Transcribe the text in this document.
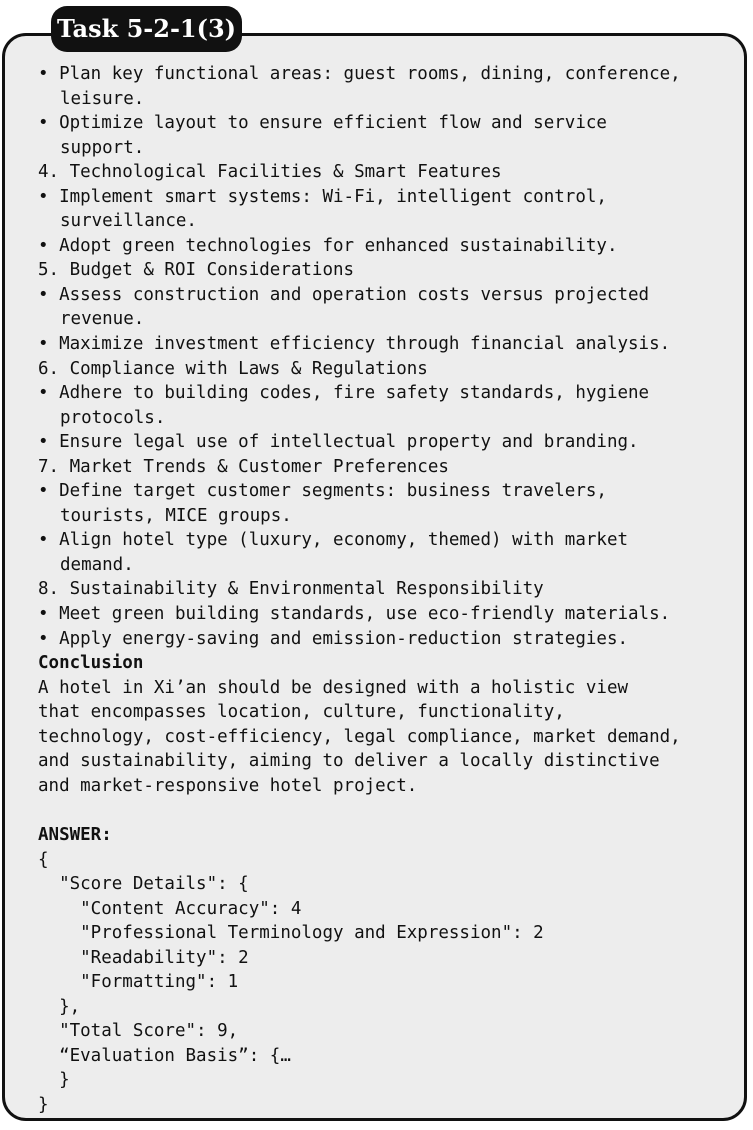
Task 5-2-1(3)
• Plan key functional areas: guest rooms, dining, conference,
leisure.
• Optimize layout to ensure efficient flow and service
support.
4. Technological Facilities & Smart Features
• Implement smart systems: Wi-Fi, intelligent control,
surveillance.
• Adopt green technologies for enhanced sustainability.
5. Budget & ROI Considerations
• Assess construction and operation costs versus projected
revenue.
• Maximize investment efficiency through financial analysis.
6. Compliance with Laws & Regulations
• Adhere to building codes, fire safety standards, hygiene
protocols.
• Ensure legal use of intellectual property and branding.
7. Market Trends & Customer Preferences
• Define target customer segments: business travelers,
tourists, MICE groups.
• Align hotel type (luxury, economy, themed) with market
demand.
8. Sustainability & Environmental Responsibility
• Meet green building standards, use eco-friendly materials.
• Apply energy-saving and emission-reduction strategies.
Conclusion
A hotel in Xi’an should be designed with a holistic view
that encompasses location, culture, functionality,
technology, cost-efficiency, legal compliance, market demand,
and sustainability, aiming to deliver a locally distinctive
and market-responsive hotel project.
ANSWER:
{
"Score Details": {
"Content Accuracy": 4
"Professional Terminology and Expression": 2
"Readability": 2
"Formatting": 1
},
"Total Score": 9,
“Evaluation Basis”: {…
}
}
